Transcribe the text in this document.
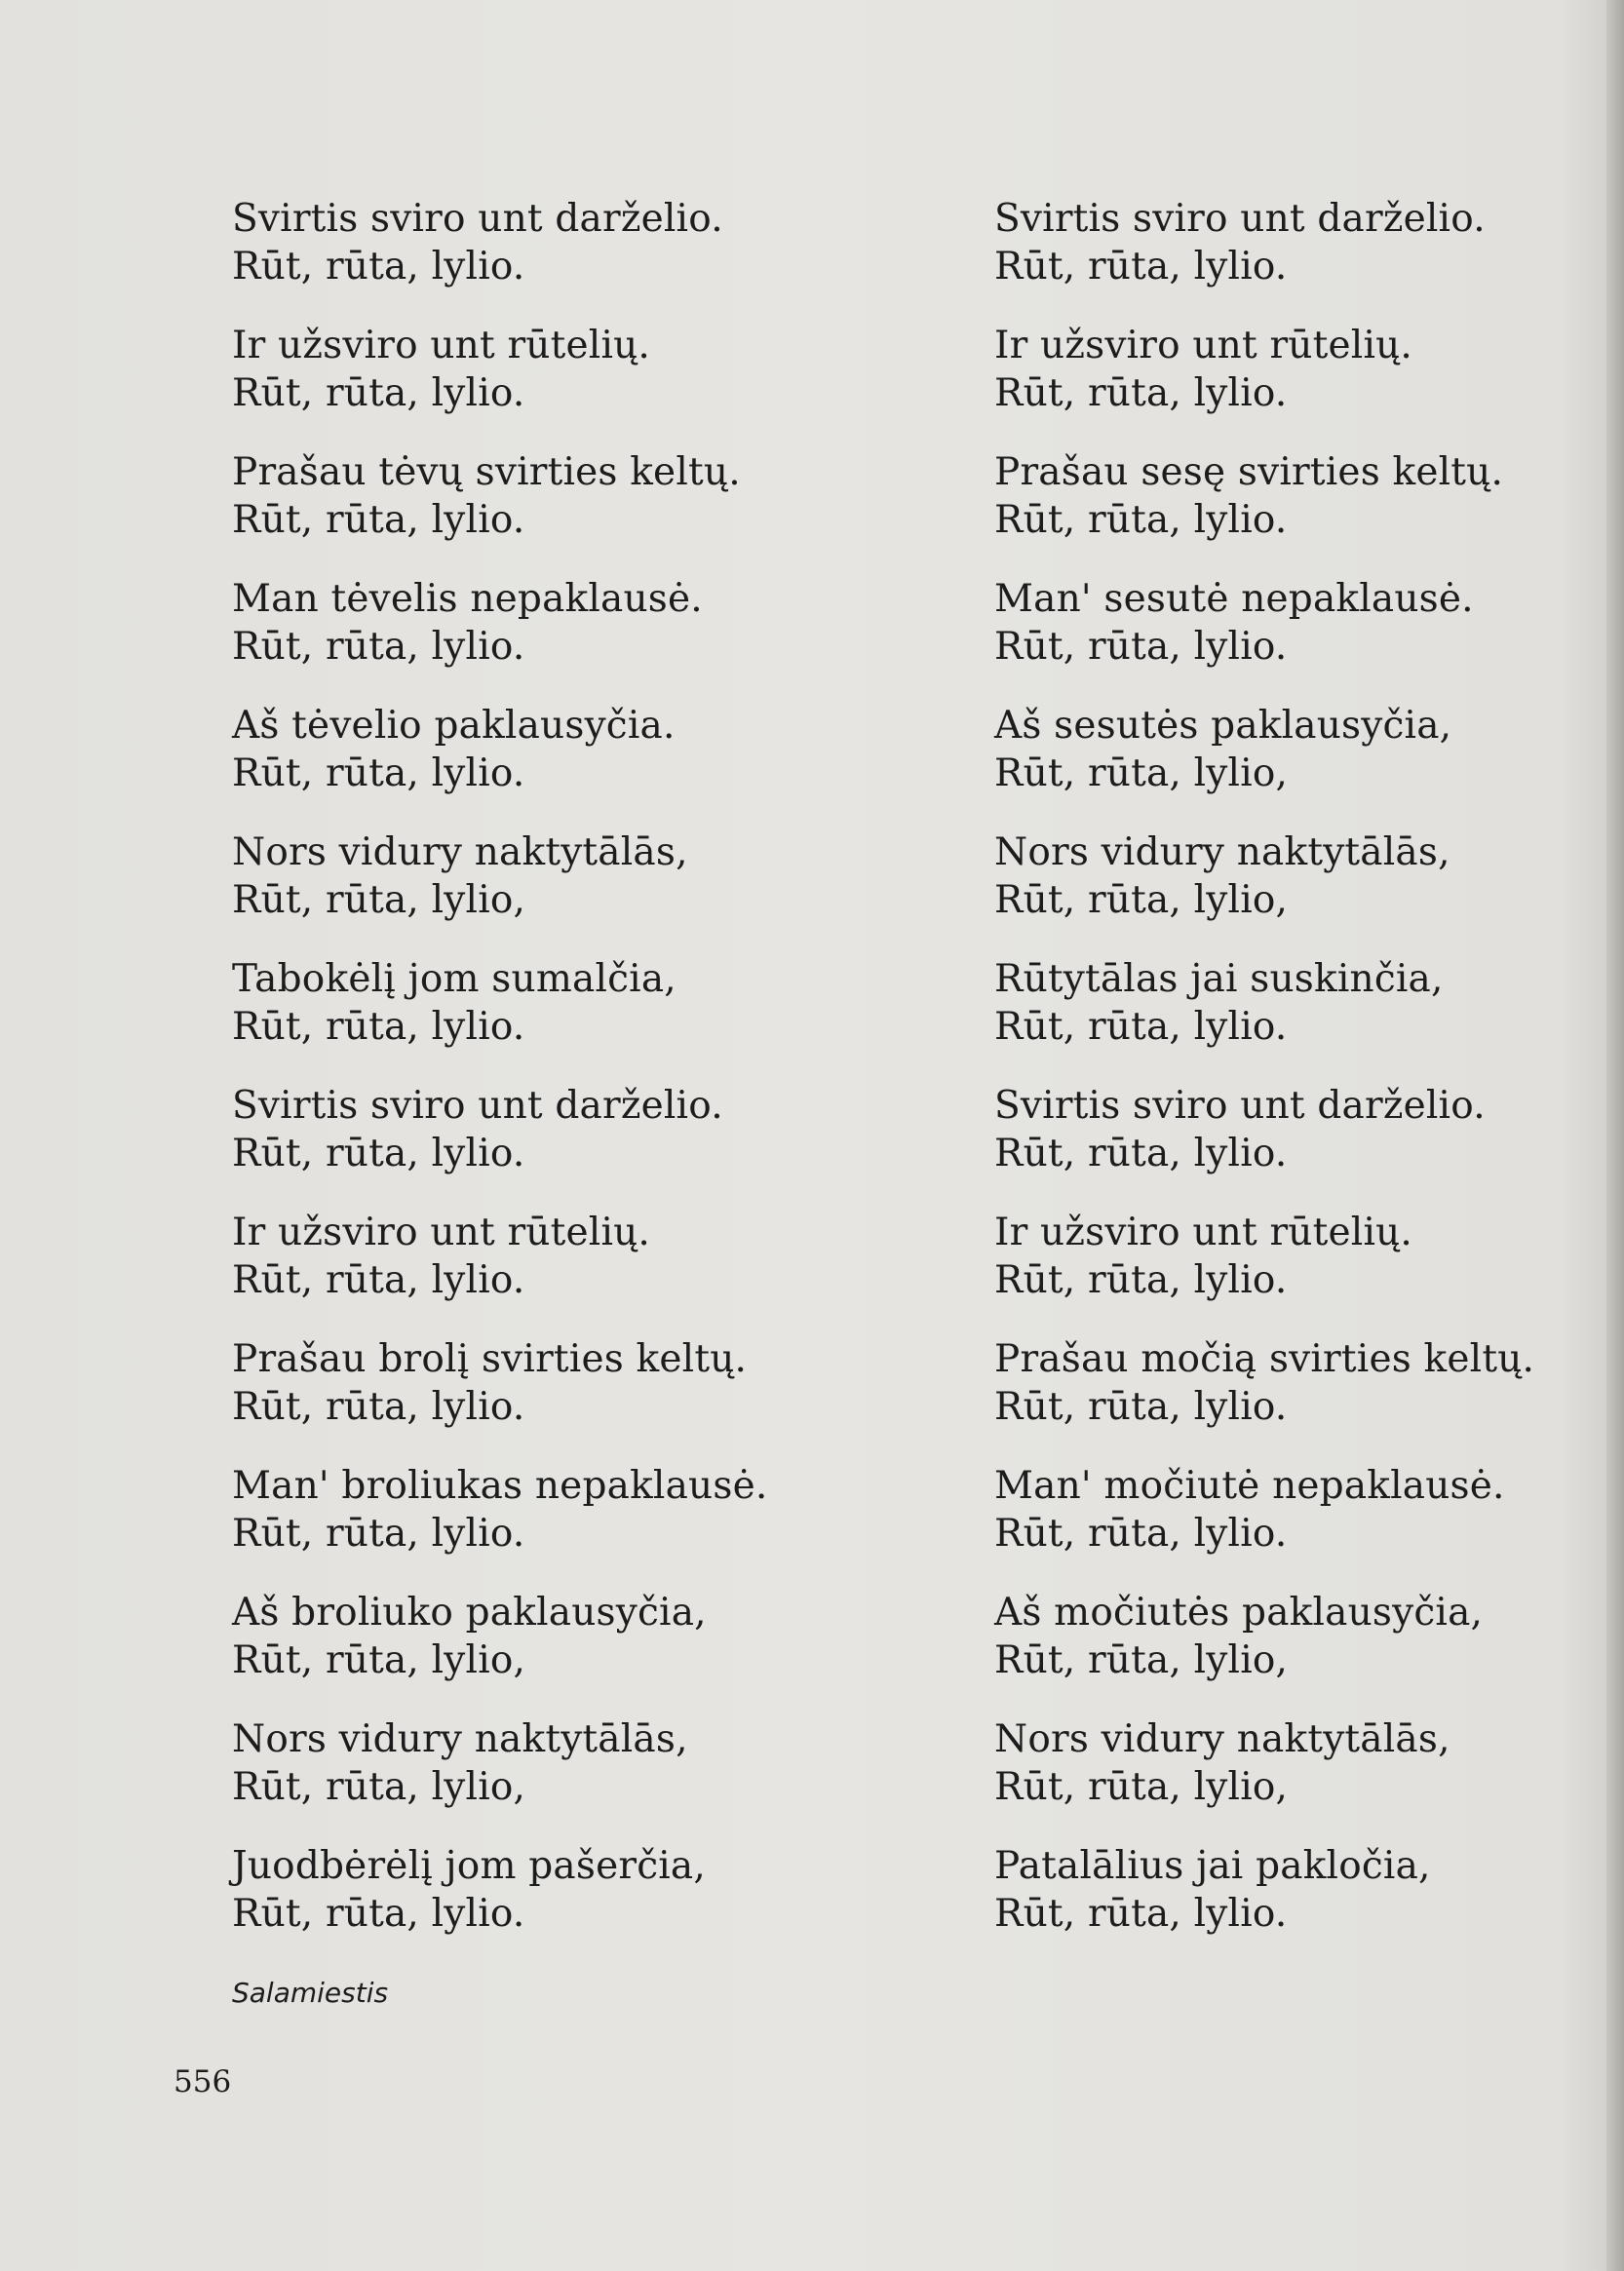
Svirtis sviro unt darželio.
Rūt, rūta, lylio.
Ir užsviro unt rūtelių.
Rūt, rūta, lylio.
Prašau tėvų svirties keltų.
Rūt, rūta, lylio.
Man tėvelis nepaklausė.
Rūt, rūta, lylio.
Aš tėvelio paklausyčia.
Rūt, rūta, lylio.
Nors vidury naktytālās,
Rūt, rūta, lylio,
Tabokėlį jom sumalčia,
Rūt, rūta, lylio.
Svirtis sviro unt darželio.
Rūt, rūta, lylio.
Ir užsviro unt rūtelių.
Rūt, rūta, lylio.
Prašau brolį svirties keltų.
Rūt, rūta, lylio.
Man' broliukas nepaklausė.
Rūt, rūta, lylio.
Aš broliuko paklausyčia,
Rūt, rūta, lylio,
Nors vidury naktytālās,
Rūt, rūta, lylio,
Juodbėrėlį jom pašerčia,
Rūt, rūta, lylio.
Svirtis sviro unt darželio.
Rūt, rūta, lylio.
Ir užsviro unt rūtelių.
Rūt, rūta, lylio.
Prašau sesę svirties keltų.
Rūt, rūta, lylio.
Man' sesutė nepaklausė.
Rūt, rūta, lylio.
Aš sesutės paklausyčia,
Rūt, rūta, lylio,
Nors vidury naktytālās,
Rūt, rūta, lylio,
Rūtytālas jai suskinčia,
Rūt, rūta, lylio.
Svirtis sviro unt darželio.
Rūt, rūta, lylio.
Ir užsviro unt rūtelių.
Rūt, rūta, lylio.
Prašau močią svirties keltų.
Rūt, rūta, lylio.
Man' močiutė nepaklausė.
Rūt, rūta, lylio.
Aš močiutės paklausyčia,
Rūt, rūta, lylio,
Nors vidury naktytālās,
Rūt, rūta, lylio,
Patalālius jai pakločia,
Rūt, rūta, lylio.
Salamiestis
556
